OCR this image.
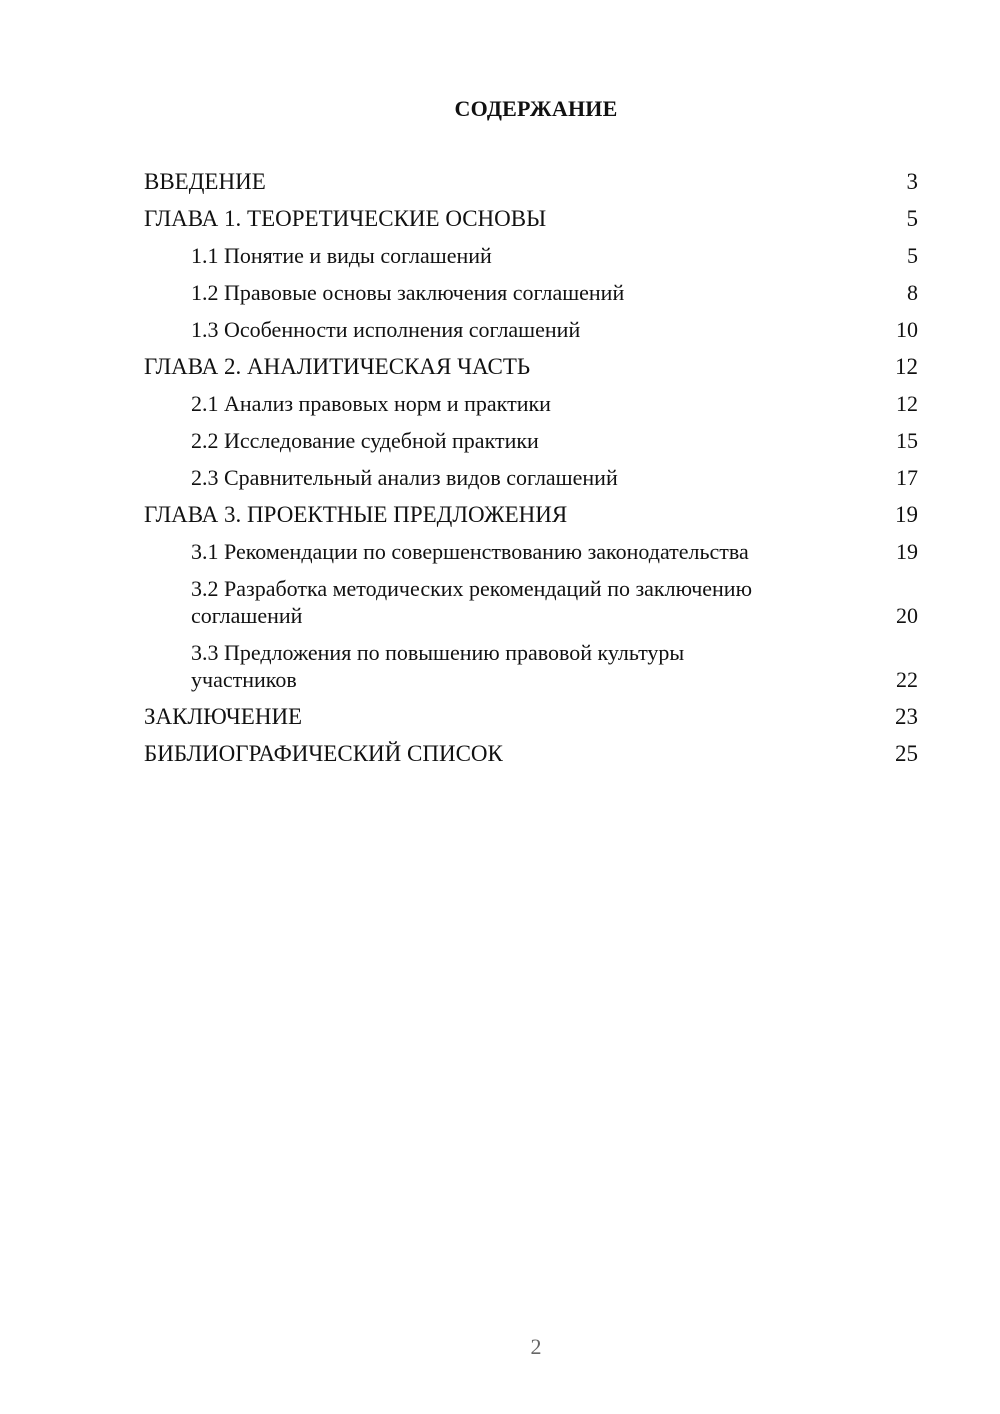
СОДЕРЖАНИЕ
ВВЕДЕНИЕ	3
ГЛАВА 1. ТЕОРЕТИЧЕСКИЕ ОСНОВЫ	5
1.1 Понятие и виды соглашений	5
1.2 Правовые основы заключения соглашений	8
1.3 Особенности исполнения соглашений	10
ГЛАВА 2. АНАЛИТИЧЕСКАЯ ЧАСТЬ	12
2.1 Анализ правовых норм и практики	12
2.2 Исследование судебной практики	15
2.3 Сравнительный анализ видов соглашений	17
ГЛАВА 3. ПРОЕКТНЫЕ ПРЕДЛОЖЕНИЯ	19
3.1 Рекомендации по совершенствованию законодательства	19
3.2 Разработка методических рекомендаций по заключению соглашений	20
3.3 Предложения по повышению правовой культуры участников	22
ЗАКЛЮЧЕНИЕ	23
БИБЛИОГРАФИЧЕСКИЙ СПИСОК	25
2
